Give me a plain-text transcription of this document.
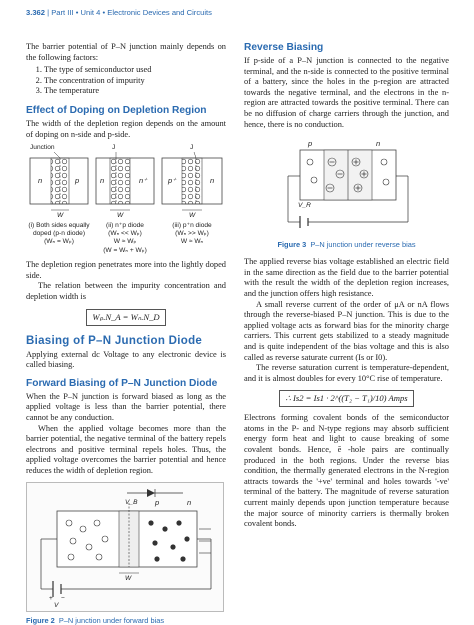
3.362 | Part III • Unit 4 • Electronic Devices and Circuits

The barrier potential of P–N junction mainly depends on the following factors:

1. The type of semiconductor used
2. The concentration of impurity
3. The temperature
Effect of Doping on Depletion Region

The width of the depletion region depends on the amount of doping on n-side and p-side.

Junction	J	J
n	p	n	n⁺	p⁺	n
W	W	W
(i) Both sides equally
doped (p-n diode)
(Wₙ = Wₚ)
(ii) n⁺p diode
(Wₙ << Wₚ)
W ≈ Wₚ
(iii) p⁺n diode
(Wₙ >> Wₚ)
W ≈ Wₙ
(W = Wₙ + Wₚ)

The depletion region penetrates more into the lightly doped side.

The relation between the impurity concentration and depletion width is

Wₚ.N_A = Wₙ.N_D
Biasing of P–N Junction Diode

Applying external dc Voltage to any electronic device is called biasing.

Forward Biasing of P–N Junction Diode

When the P–N junction is forward biased as long as the applied voltage is less than the barrier potential, there cannot be any conduction.

When the applied voltage becomes more than the barrier potential, the negative terminal of the battery repels electrons and positive terminal repels holes. Thus, the applied voltage overcomes the barrier potential and hence reduces the width of depletion region.

V_B p	n
W
+ −
V
Figure 2 P–N junction under forward bias
Reverse Biasing

If p-side of a P–N junction is connected to the negative terminal, and the n-side is connected to the positive terminal of a battery, since the holes in the p-region are attracted towards the negative terminal, and the electrons in the n-region are attracted towards the positive terminal. There can be no diffusion of charge carriers through the junction, and hence, there is no conduction.

p	n
V_R
Figure 3 P–N junction under reverse bias

The applied reverse bias voltage established an electric field in the same direction as the field due to the barrier potential with the result the width of the depletion region increases, and the junction offers high resistance.

A small reverse current of the order of μA or nA flows through the reverse-biased P–N junction. This is due to the applied voltage acts as forward bias for the minority charge carriers. This current gets stabilized to a steady magnitude and is quite independent of the bias voltage and this is also called as reverse saturate current (Is or I0).

The reverse saturation current is temperature-dependent, and it is almost doubles for every 10°C rise of temperature.

∴ Is2 = Is1 · 2^((T₂ − T₁)/10) Amps

Electrons forming covalent bonds of the semiconductor atoms in the P- and N-type regions may absorb sufficient energy form heat and light to cause breaking of some covalent bonds. Hence, ē -hole pairs are continually produced in the both regions. Under the reverse bias condition, the thermally generated electrons in the N-region attracts towards the '+ve' terminal and holes towards '-ve' terminal of the battery. The magnitude of reverse saturation current mainly depends upon junction temperature because the major source of minority carriers is thermally broken covalent bonds.
